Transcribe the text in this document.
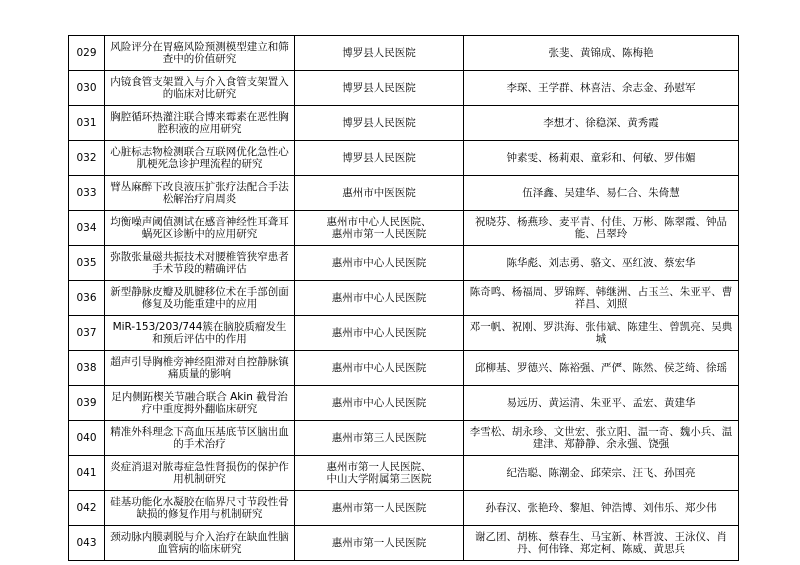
029	风险评分在胃癌风险预测模型建立和筛查中的价值研究	博罗县人民医院	张斐、黄锦成、陈梅艳
030	内镜食管支架置入与介入食管支架置入的临床对比研究	博罗县人民医院	李琛、王学群、林喜洁、余志金、孙慰军
031	胸腔循环热灌注联合博来霉素在恶性胸腔积液的应用研究	博罗县人民医院	李想才、徐稳深、黄秀霞
032	心脏标志物检测联合互联网优化急性心肌梗死急诊护理流程的研究	博罗县人民医院	钟素雯、杨莉艰、童彩和、何敏、罗伟媚
033	臂丛麻醉下改良液压扩张疗法配合手法松解治疗肩周炎	惠州市中医医院	伍泽鑫、吴建华、易仁合、朱倚慧
034	均衡噪声阈值测试在感音神经性耳聋耳蜗死区诊断中的应用研究	惠州市中心人民医院、
惠州市第一人民医院	祝晓芬、杨燕珍、麦平青、付佳、万彬、陈翠霞、钟品能、吕翠玲
035	弥散张量磁共振技术对腰椎管狭窄患者手术节段的精确评估	惠州市中心人民医院	陈华彪、刘志勇、骆文、巫红波、蔡宏华
036	新型静脉皮瓣及肌腱移位术在手部创面修复及功能重建中的应用	惠州市中心人民医院	陈奇鸣、杨福周、罗锦辉、韩继洲、占玉兰、朱亚平、曹祥昌、刘照
037	MiR-153/203/744簇在脑胶质瘤发生和预后评估中的作用	惠州市中心人民医院	邓一帆、祝刚、罗洪海、张伟斌、陈建生、曾凯亮、吴典城
038	超声引导胸椎旁神经阻滞对自控静脉镇痛质量的影响	惠州市中心人民医院	邱柳基、罗德兴、陈裕强、严俨、陈然、侯芝绮、徐瑶
039	足内侧跖楔关节融合联合 Akin 截骨治疗中重度拇外翻临床研究	惠州市中心人民医院	易远历、黄运清、朱亚平、孟宏、黄建华
040	精准外科理念下高血压基底节区脑出血的手术治疗	惠州市第三人民医院	李雪松、胡永珍、文世宏、张立阳、温一奇、魏小兵、温建津、郑静静、余永强、饶强
041	炎症消退对脓毒症急性肾损伤的保护作用机制研究	惠州市第一人民医院、
中山大学附属第三医院	纪浩聪、陈潮金、邱荣宗、汪飞、孙国亮
042	硅基功能化水凝胶在临界尺寸节段性骨缺损的修复作用与机制研究	惠州市第一人民医院	孙春汉、张艳玲、黎旭、钟浩博、刘伟乐、郑少伟
043	颈动脉内膜剥脱与介入治疗在缺血性脑血管病的临床研究	惠州市第一人民医院	谢乙团、胡栋、蔡春生、马宝新、林晋波、王泳仪、肖丹、何伟锋、郑定柯、陈威、黄思兵
